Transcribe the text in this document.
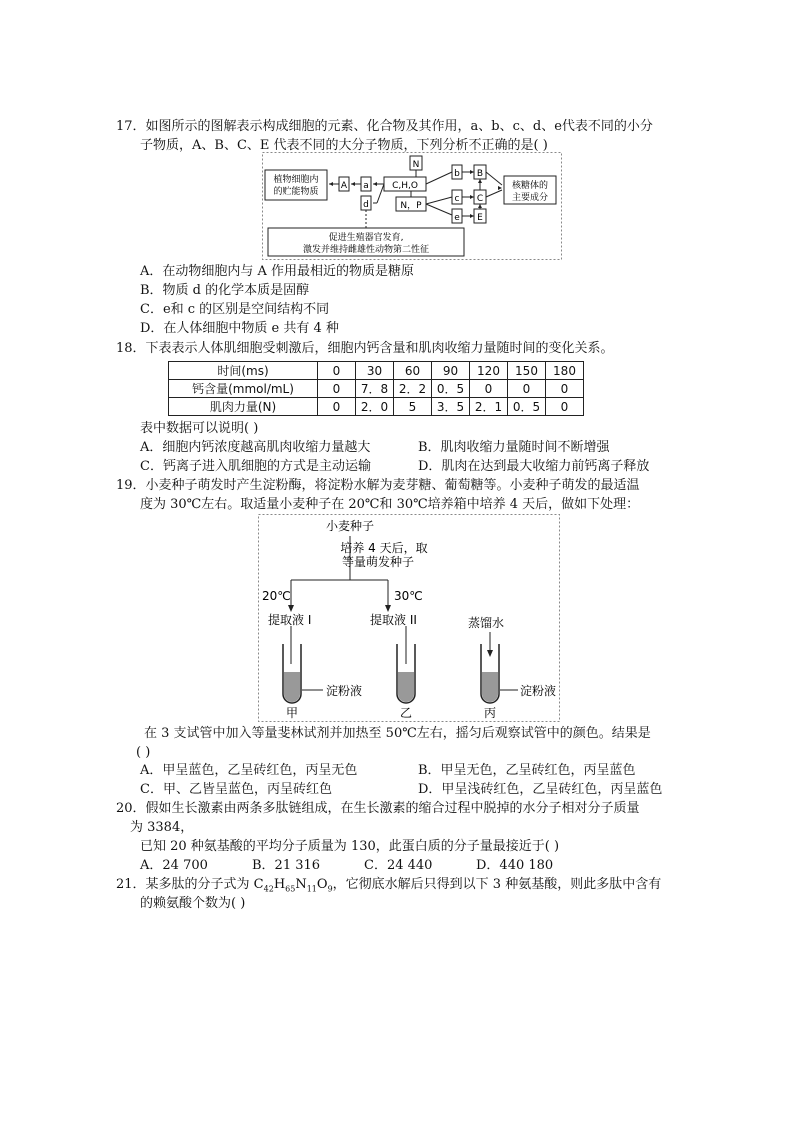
17．如图所示的图解表示构成细胞的元素、化合物及其作用，a、b、c、d、e代表不同的小分
子物质，A、B、C、E 代表不同的大分子物质，下列分析不正确的是( )
植物细胞内
的贮能物质
A a	C,H,O
N
d	N，P
b B
c C
e E
核糖体的
主要成分
促进生殖器官发育,
激发并维持雌雄性动物第二性征
A．在动物细胞内与 A 作用最相近的物质是糖原
B．物质 d 的化学本质是固醇
C．e和 c 的区别是空间结构不同
D．在人体细胞中物质 e 共有 4 种
18．下表表示人体肌细胞受刺激后，细胞内钙含量和肌肉收缩力量随时间的变化关系。
时间(ms)	0	30	60	90	120	150	180
钙含量(mmol/mL)	0	7．8	2．2	0．5	0	0	0
肌肉力量(N)	0	2．0	5	3．5	2．1	0．5	0
表中数据可以说明( )
A．细胞内钙浓度越高肌肉收缩力量越大	B．肌肉收缩力量随时间不断增强
C．钙离子进入肌细胞的方式是主动运输	D．肌肉在达到最大收缩力前钙离子释放
19．小麦种子萌发时产生淀粉酶，将淀粉水解为麦芽糖、葡萄糖等。小麦种子萌发的最适温
度为 30℃左右。取适量小麦种子在 20℃和 30℃培养箱中培养 4 天后，做如下处理：
小麦种子
培养 4 天后，取
等量萌发种子
20℃	30℃
提取液 I	提取液 II	蒸馏水
淀粉液	淀粉液
甲	乙	丙
在 3 支试管中加入等量斐林试剂并加热至 50℃左右，摇匀后观察试管中的颜色。结果是
( )
A．甲呈蓝色，乙呈砖红色，丙呈无色	B．甲呈无色，乙呈砖红色，丙呈蓝色
C．甲、乙皆呈蓝色，丙呈砖红色	D．甲呈浅砖红色，乙呈砖红色，丙呈蓝色
20．假如生长激素由两条多肽链组成，在生长激素的缩合过程中脱掉的水分子相对分子质量
为 3384，
已知 20 种氨基酸的平均分子质量为 130，此蛋白质的分子量最接近于( )
A．24 700	B．21 316	C．24 440	D．440 180
21．某多肽的分子式为 $C_{42}H_{65}N_{11}O_9$，它彻底水解后只得到以下 3 种氨基酸，则此多肽中含有
的赖氨酸个数为( )
